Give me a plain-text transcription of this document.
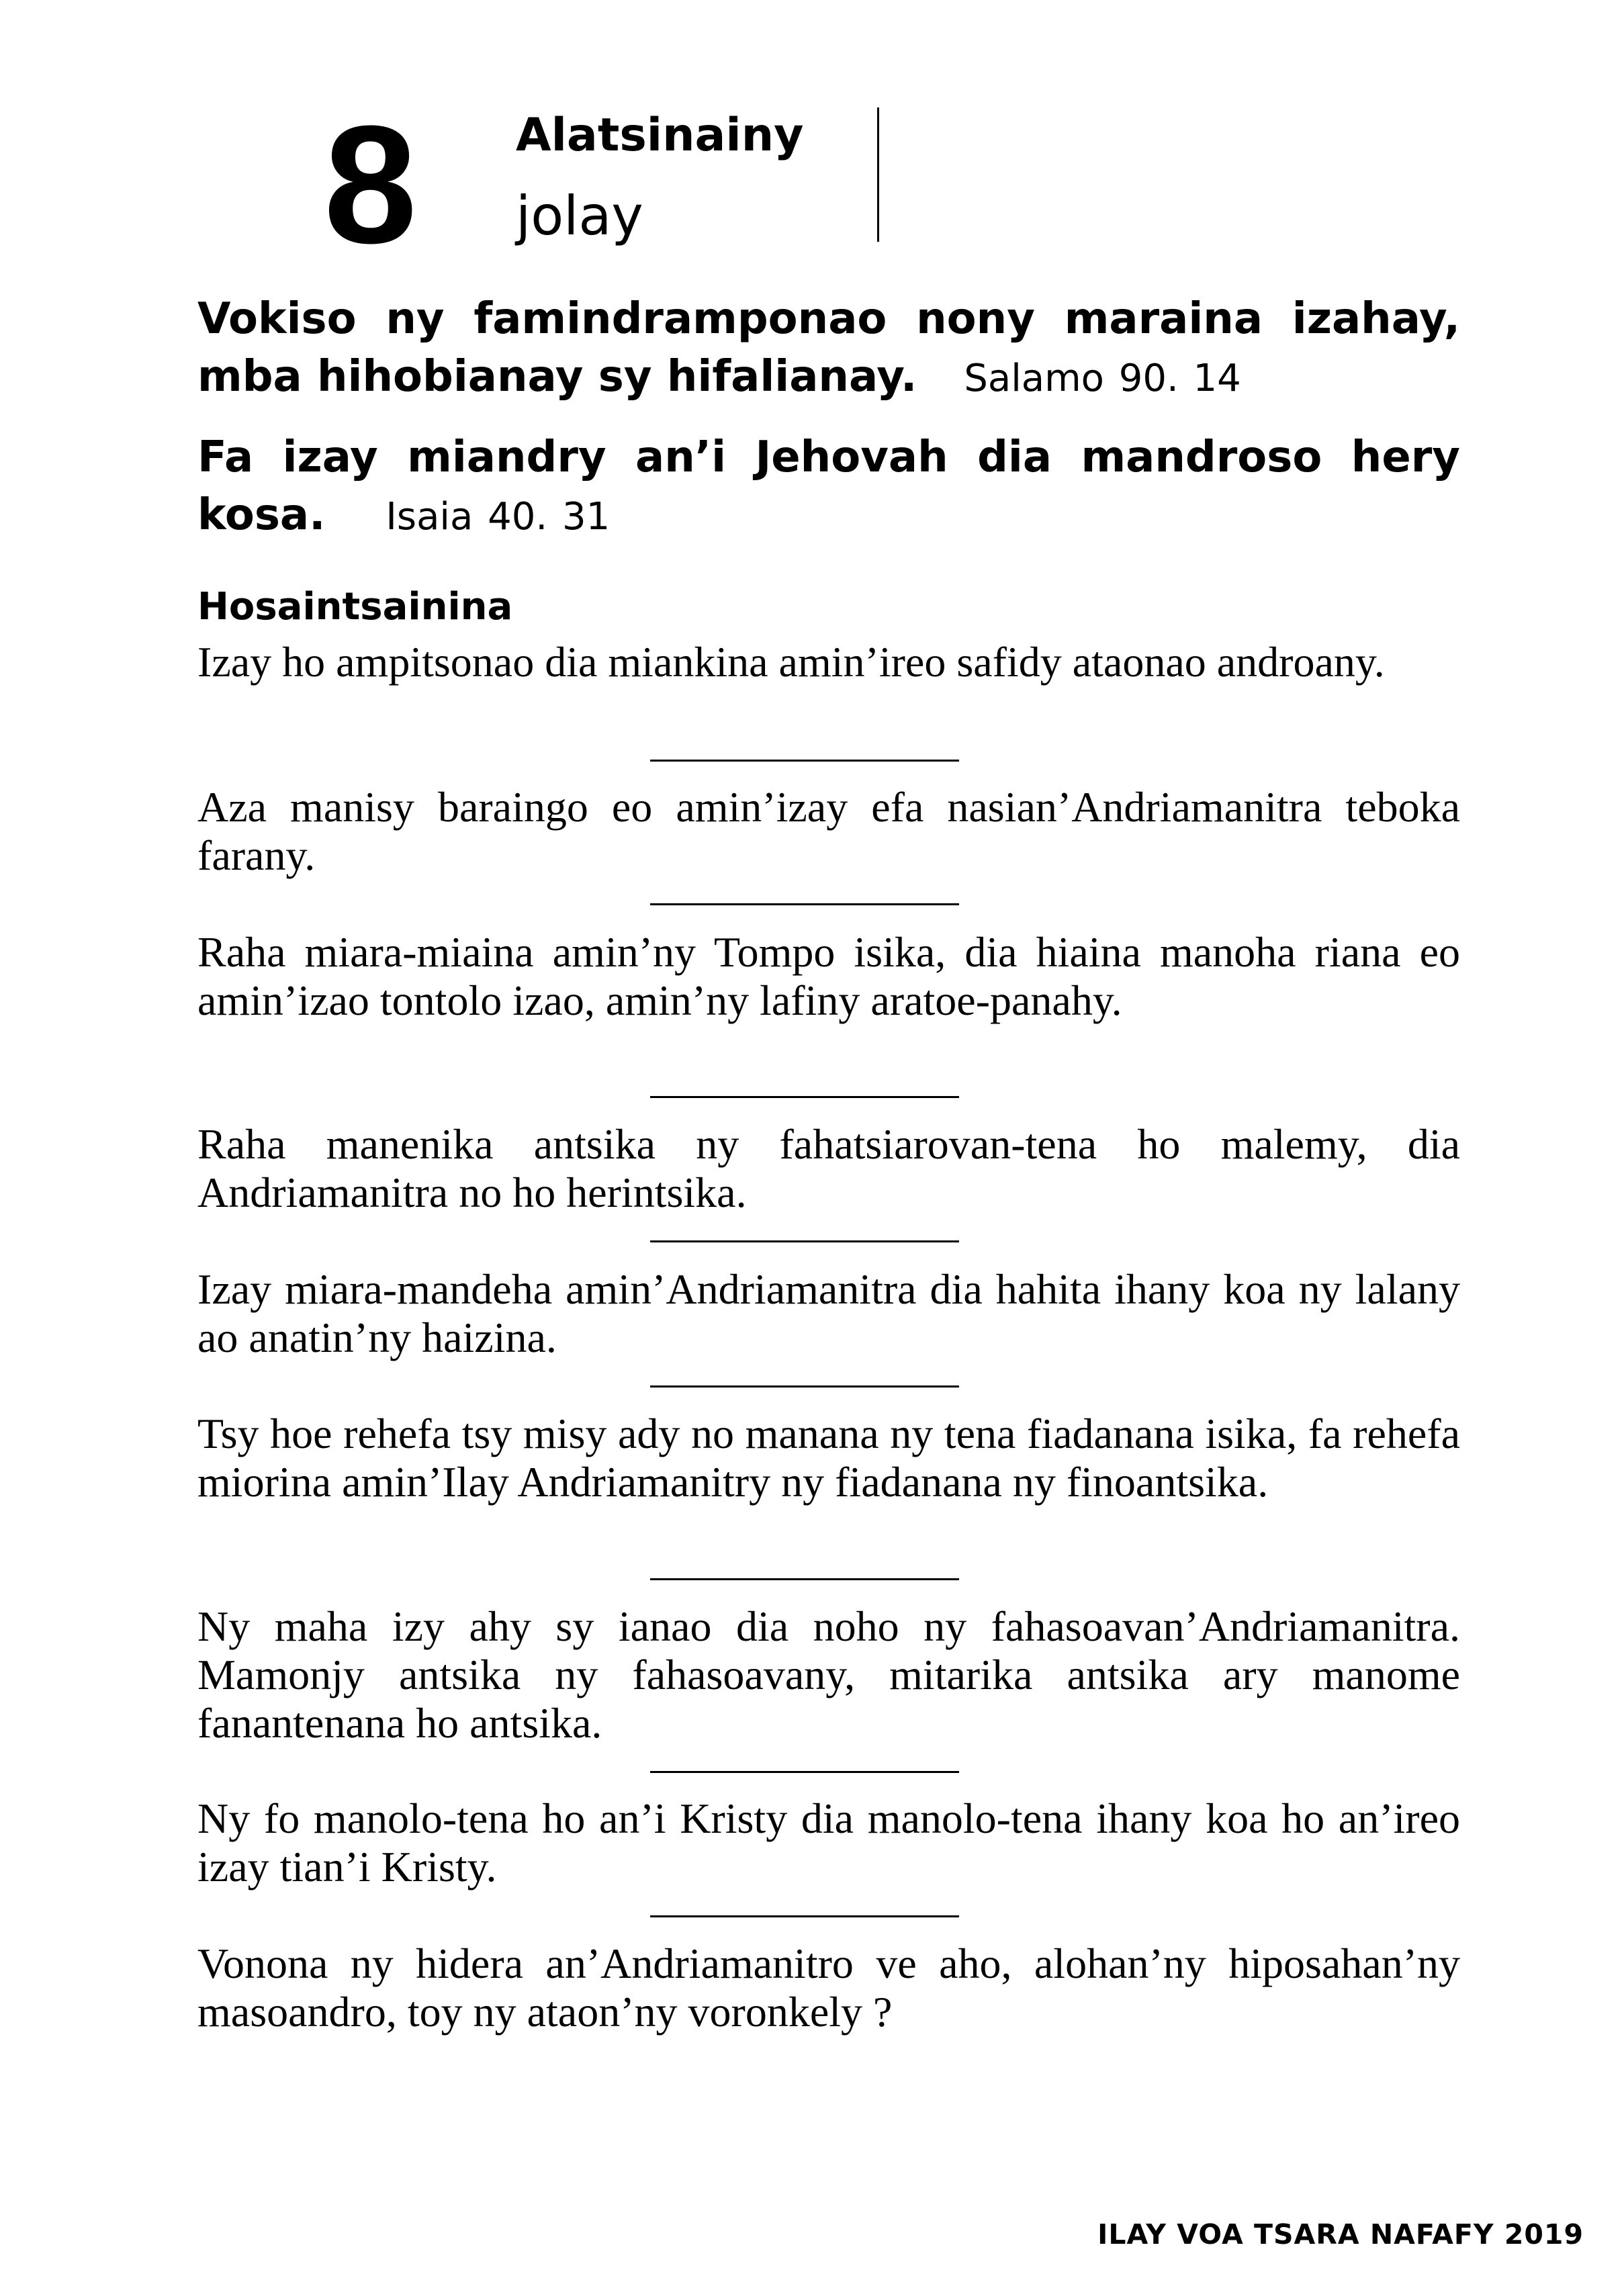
8 Alatsinainy
jolay
Vokiso ny famindramponao nony maraina izahay, mba hihobianay sy hifalianay. Salamo 90. 14
Fa izay miandry an’i Jehovah dia mandroso hery kosa. Isaia 40. 31
Hosaintsainina
Izay ho ampitsonao dia miankina amin’ireo safidy ataonao androany.
Aza manisy baraingo eo amin’izay efa nasian’Andriamanitra teboka farany.
Raha miara-miaina amin’ny Tompo isika, dia hiaina manoha riana eo amin’izao tontolo izao, amin’ny lafiny aratoe-panahy.
Raha manenika antsika ny fahatsiarovan-tena ho malemy, dia Andriamanitra no ho herintsika.
Izay miara-mandeha amin’Andriamanitra dia hahita ihany koa ny lalany ao anatin’ny haizina.
Tsy hoe rehefa tsy misy ady no manana ny tena fiadanana isika, fa rehefa miorina amin’Ilay Andriamanitry ny fiadanana ny finoantsika.
Ny maha izy ahy sy ianao dia noho ny fahasoavan’Andriamanitra. Mamonjy antsika ny fahasoavany, mitarika antsika ary manome fanantenana ho antsika.
Ny fo manolo-tena ho an’i Kristy dia manolo-tena ihany koa ho an’ireo izay tian’i Kristy.
Vonona ny hidera an’Andriamanitro ve aho, alohan’ny hiposahan’ny masoandro, toy ny ataon’ny voronkely ?
ILAY VOA TSARA NAFAFY 2019
